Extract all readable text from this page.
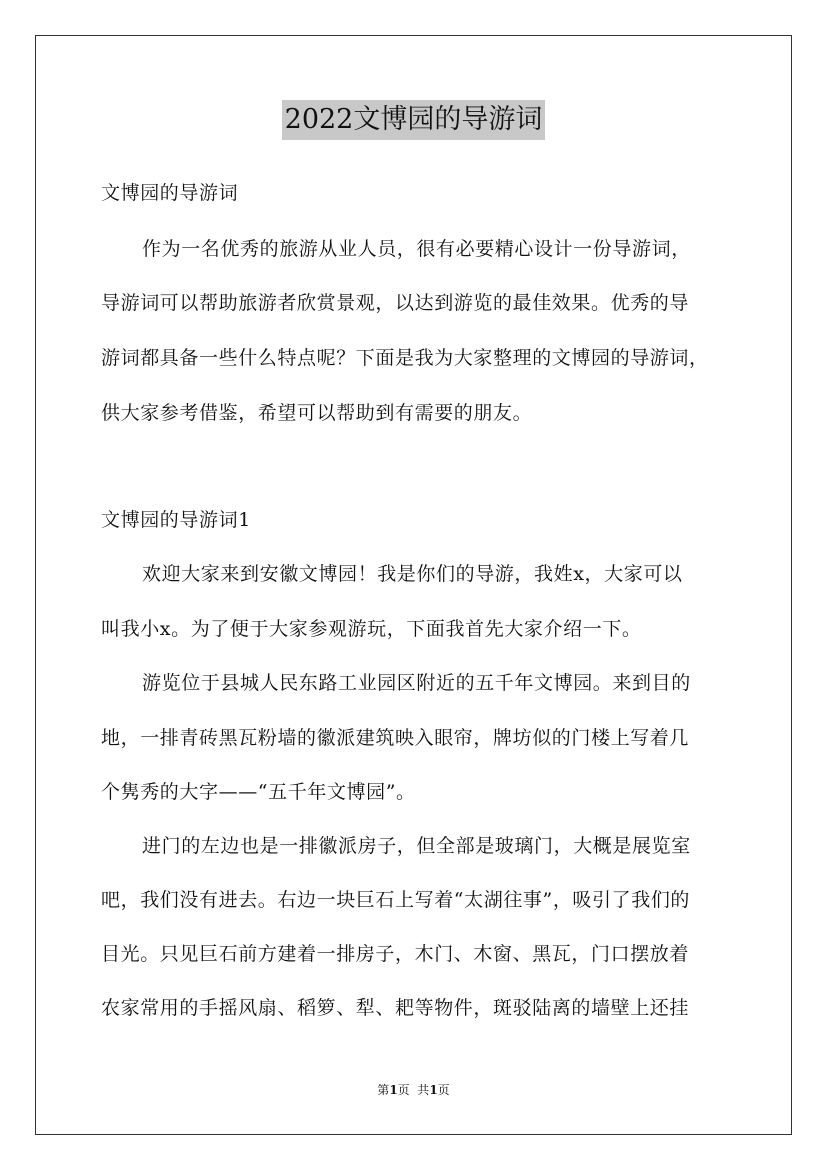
2022文博园的导游词
文博园的导游词
作为一名优秀的旅游从业人员，很有必要精心设计一份导游词，
导游词可以帮助旅游者欣赏景观，以达到游览的最佳效果。优秀的导
游词都具备一些什么特点呢？下面是我为大家整理的文博园的导游词，
供大家参考借鉴，希望可以帮助到有需要的朋友。
文博园的导游词1
欢迎大家来到安徽文博园！我是你们的导游，我姓x，大家可以
叫我小x。为了便于大家参观游玩，下面我首先大家介绍一下。
游览位于县城人民东路工业园区附近的五千年文博园。来到目的
地，一排青砖黑瓦粉墙的徽派建筑映入眼帘，牌坊似的门楼上写着几
个隽秀的大字——“五千年文博园”。
进门的左边也是一排徽派房子，但全部是玻璃门，大概是展览室
吧，我们没有进去。右边一块巨石上写着“太湖往事”，吸引了我们的
目光。只见巨石前方建着一排房子，木门、木窗、黑瓦，门口摆放着
农家常用的手摇风扇、稻箩、犁、耙等物件，斑驳陆离的墙壁上还挂
第1页  共1页
